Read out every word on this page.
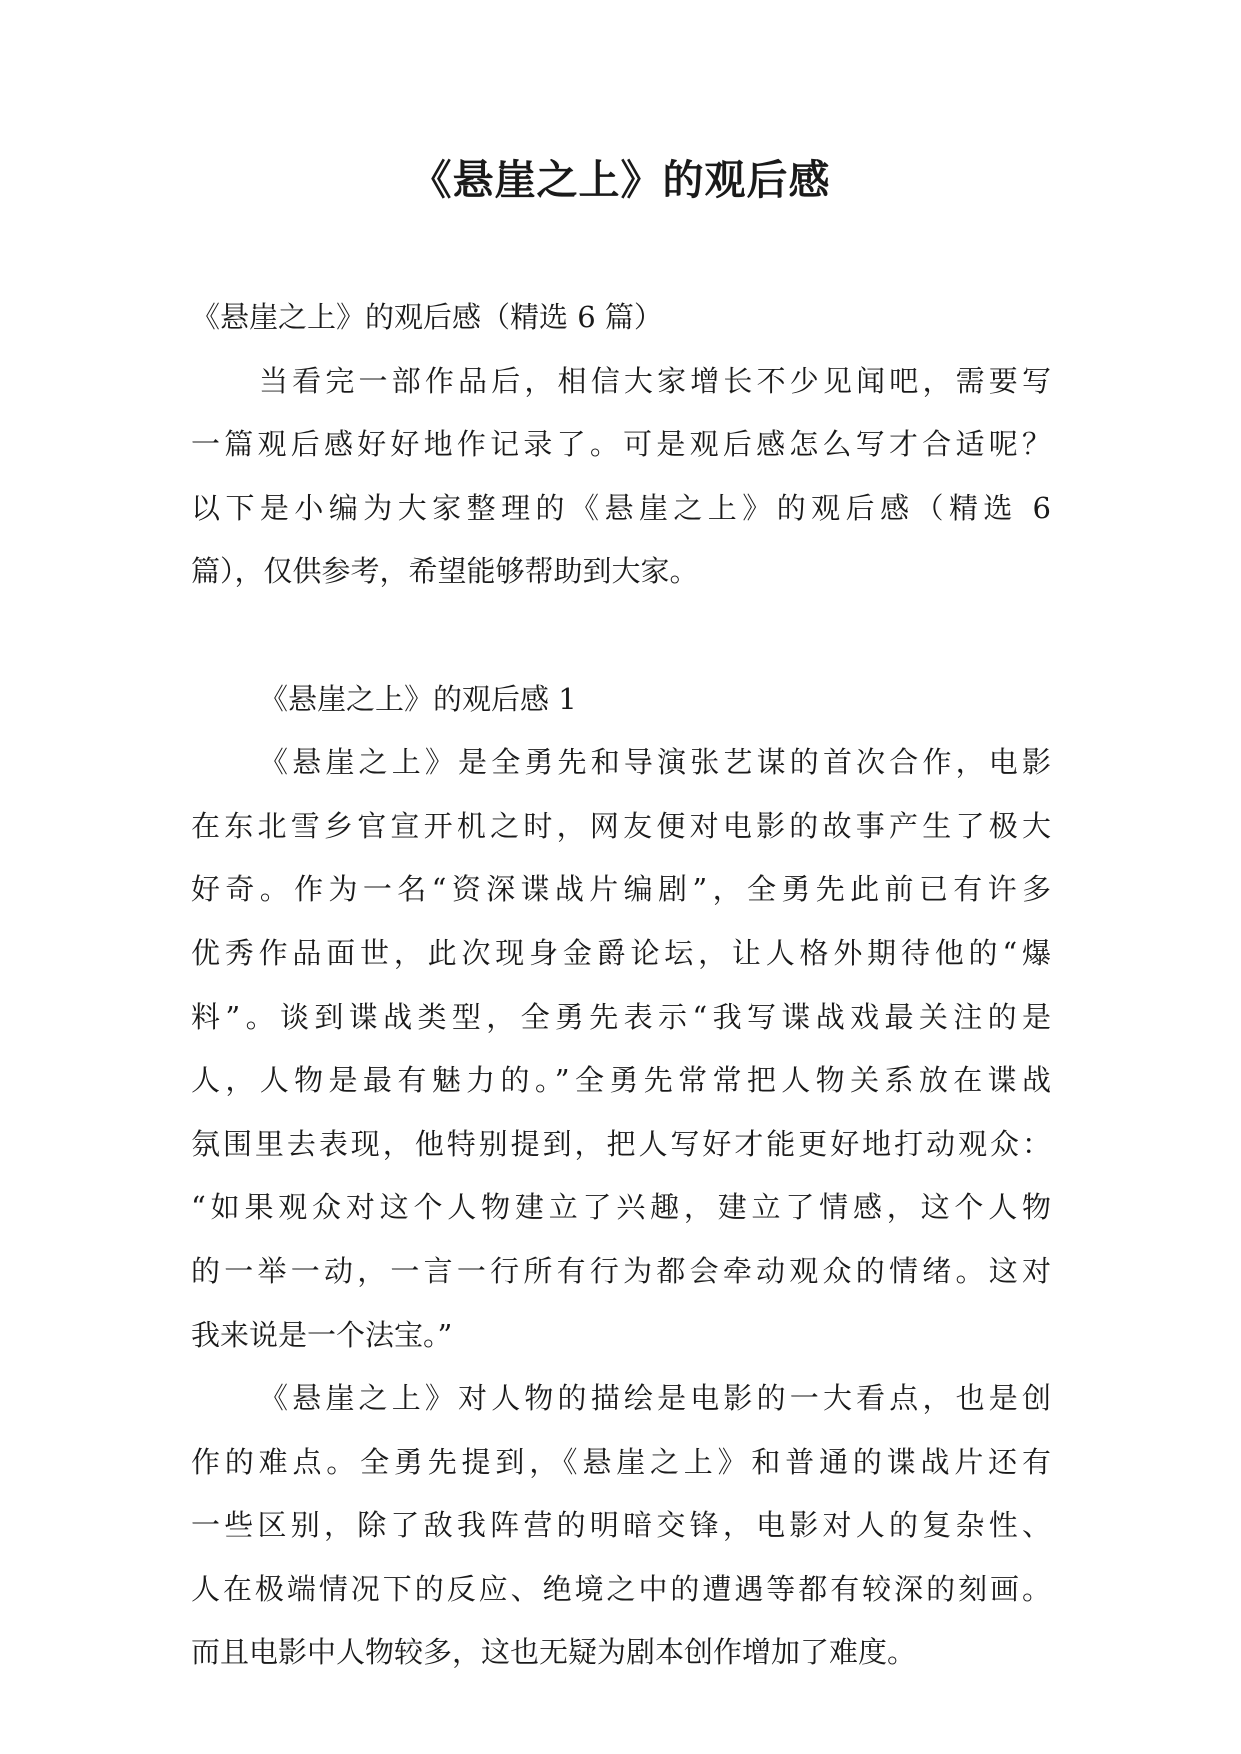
《悬崖之上》的观后感
《悬崖之上》的观后感（精选 6 篇）
当看完一部作品后，相信大家增长不少见闻吧，需要写
一篇观后感好好地作记录了。可是观后感怎么写才合适呢？
以下是小编为大家整理的《悬崖之上》的观后感（精选 6
篇），仅供参考，希望能够帮助到大家。
《悬崖之上》的观后感 1
《悬崖之上》是全勇先和导演张艺谋的首次合作，电影
在东北雪乡官宣开机之时，网友便对电影的故事产生了极大
好奇。作为一名“资深谍战片编剧”，全勇先此前已有许多
优秀作品面世，此次现身金爵论坛，让人格外期待他的“爆
料”。谈到谍战类型，全勇先表示“我写谍战戏最关注的是
人，人物是最有魅力的。”全勇先常常把人物关系放在谍战
氛围里去表现，他特别提到，把人写好才能更好地打动观众：
“如果观众对这个人物建立了兴趣，建立了情感，这个人物
的一举一动，一言一行所有行为都会牵动观众的情绪。这对
我来说是一个法宝。”
《悬崖之上》对人物的描绘是电影的一大看点，也是创
作的难点。全勇先提到，《悬崖之上》和普通的谍战片还有
一些区别，除了敌我阵营的明暗交锋，电影对人的复杂性、
人在极端情况下的反应、绝境之中的遭遇等都有较深的刻画。
而且电影中人物较多，这也无疑为剧本创作增加了难度。
